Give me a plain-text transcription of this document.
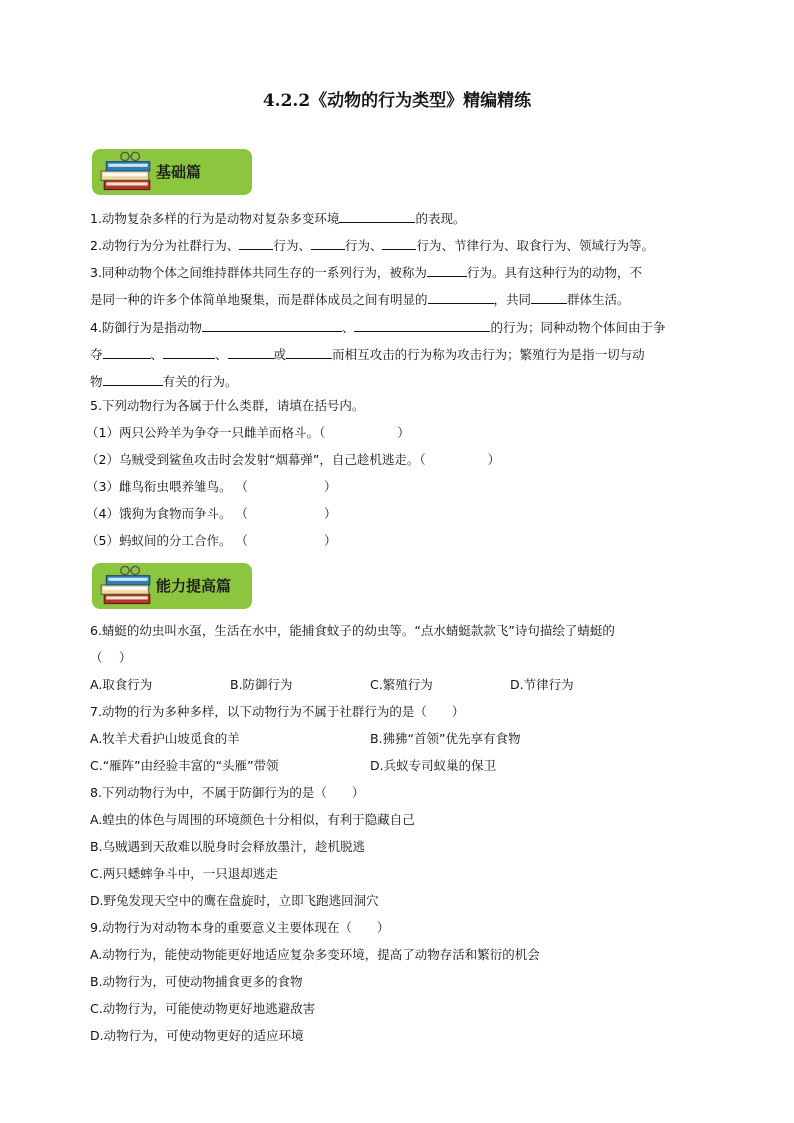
4.2.2《动物的行为类型》精编精练
基础篇
1.动物复杂多样的行为是动物对复杂多变环境	的表现。
2.动物行为分为社群行为、	行为、	行为、	行为、节律行为、取食行为、领域行为等。
3.同种动物个体之间维持群体共同生存的一系列行为，被称为	行为。具有这种行为的动物，不
是同一种的许多个体简单地聚集，而是群体成员之间有明显的	，共同	群体生活。
4.防御行为是指动物	、	的行为；同种动物个体间由于争
夺	、	、	或	而相互攻击的行为称为攻击行为；繁殖行为是指一切与动
物	有关的行为。
5.下列动物行为各属于什么类群，请填在括号内。
（1）两只公羚羊为争夺一只雌羊而格斗。（	）
（2）乌贼受到鲨鱼攻击时会发射“烟幕弹”，自己趁机逃走。（	）
（3）雌鸟衔虫喂养雏鸟。 （	）
（4）饿狗为食物而争斗。 （	）
（5）蚂蚁间的分工合作。 （	）
能力提高篇
6.蜻蜓的幼虫叫水虿，生活在水中，能捕食蚊子的幼虫等。“点水蜻蜓款款飞”诗句描绘了蜻蜓的
（　 ）
A.取食行为	B.防御行为	C.繁殖行为	D.节律行为
7.动物的行为多种多样，以下动物行为不属于社群行为的是（　　）
A.牧羊犬看护山坡觅食的羊	B.狒狒“首领”优先享有食物
C.“雁阵”由经验丰富的“头雁”带领	D.兵蚁专司蚁巢的保卫
8.下列动物行为中，不属于防御行为的是（　　）
A.蝗虫的体色与周围的环境颜色十分相似，有利于隐藏自己
B.乌贼遇到天敌难以脱身时会释放墨汁，趁机脱逃
C.两只蟋蟀争斗中，一只退却逃走
D.野兔发现天空中的鹰在盘旋时，立即飞跑逃回洞穴
9.动物行为对动物本身的重要意义主要体现在（　　）
A.动物行为，能使动物能更好地适应复杂多变环境，提高了动物存活和繁衍的机会
B.动物行为，可使动物捕食更多的食物
C.动物行为，可能使动物更好地逃避敌害
D.动物行为，可使动物更好的适应环境
